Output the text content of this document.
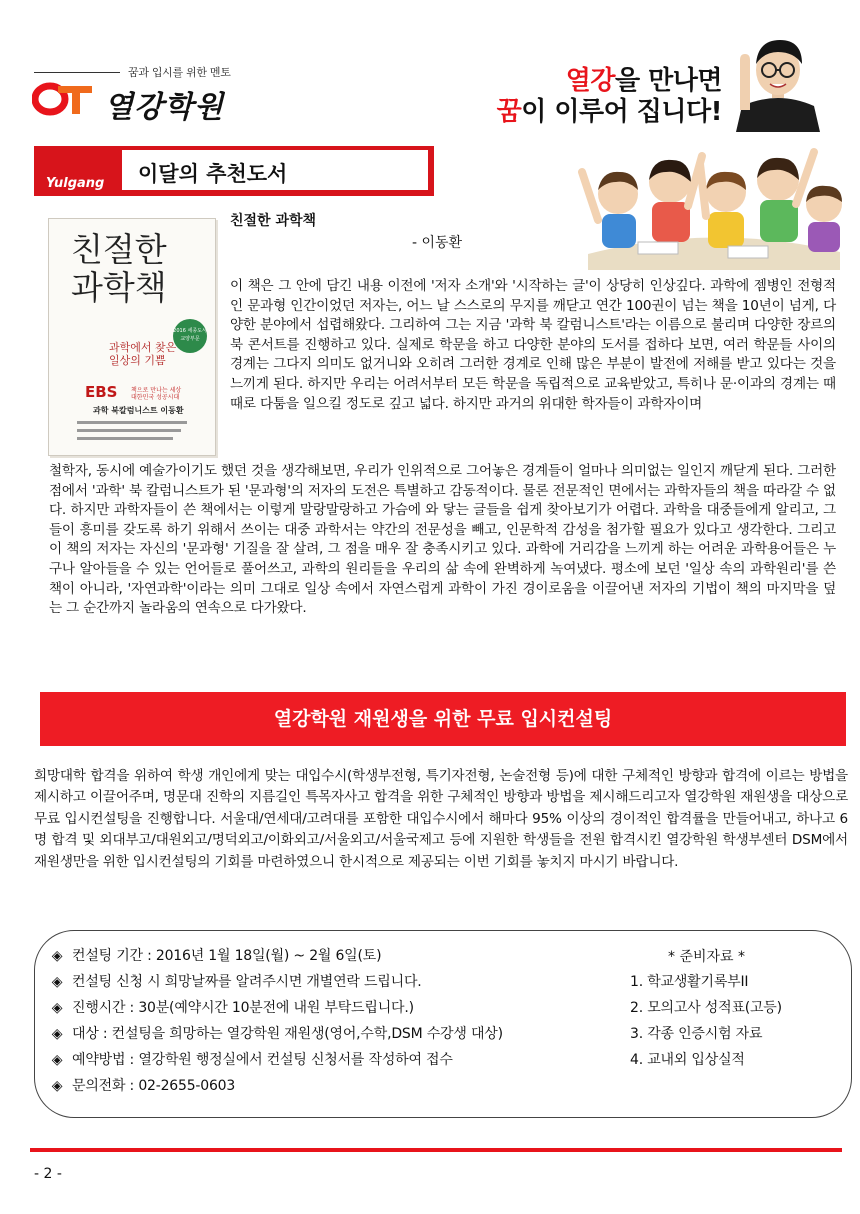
꿈과 입시를 위한 멘토
열강학원
열강을 만나면
꿈이 이루어 집니다!
Yulgang 이달의 추천도서
친절한
과학책
2016 세종도서 교양부문
과학에서 찾은
일상의 기쁨
EBS 책으로 만나는 세상
대한민국 성공시대
과학 북칼럼니스트 이동환
친절한 과학책
- 이동환
이 책은 그 안에 담긴 내용 이전에 '저자 소개'와 '시작하는 글'이 상당히 인상깊다. 과학에 젬병인 전형적인 문과형 인간이었던 저자는, 어느 날 스스로의 무지를 깨닫고 연간 100권이 넘는 책을 10년이 넘게, 다양한 분야에서 섭렵해왔다. 그리하여 그는 지금 '과학 북 칼럼니스트'라는 이름으로 불리며 다양한 장르의 북 콘서트를 진행하고 있다. 실제로 학문을 하고 다양한 분야의 도서를 접하다 보면, 여러 학문들 사이의 경계는 그다지 의미도 없거니와 오히려 그러한 경계로 인해 많은 부분이 발전에 저해를 받고 있다는 것을 느끼게 된다. 하지만 우리는 어려서부터 모든 학문을 독립적으로 교육받았고, 특히나 문·이과의 경계는 때때로 다툼을 일으킬 정도로 깊고 넓다. 하지만 과거의 위대한 학자들이 과학자이며
철학자, 동시에 예술가이기도 했던 것을 생각해보면, 우리가 인위적으로 그어놓은 경계들이 얼마나 의미없는 일인지 깨닫게 된다. 그러한 점에서 '과학' 북 칼럼니스트가 된 '문과형'의 저자의 도전은 특별하고 감동적이다. 물론 전문적인 면에서는 과학자들의 책을 따라갈 수 없다. 하지만 과학자들이 쓴 책에서는 이렇게 말랑말랑하고 가슴에 와 닿는 글들을 쉽게 찾아보기가 어렵다. 과학을 대중들에게 알리고, 그들이 흥미를 갖도록 하기 위해서 쓰이는 대중 과학서는 약간의 전문성을 빼고, 인문학적 감성을 첨가할 필요가 있다고 생각한다. 그리고 이 책의 저자는 자신의 '문과형' 기질을 잘 살려, 그 점을 매우 잘 충족시키고 있다. 과학에 거리감을 느끼게 하는 어려운 과학용어들은 누구나 알아들을 수 있는 언어들로 풀어쓰고, 과학의 원리들을 우리의 삶 속에 완벽하게 녹여냈다. 평소에 보던 '일상 속의 과학원리'를 쓴 책이 아니라, '자연과학'이라는 의미 그대로 일상 속에서 자연스럽게 과학이 가진 경이로움을 이끌어낸 저자의 기법이 책의 마지막을 덮는 그 순간까지 놀라움의 연속으로 다가왔다.
열강학원 재원생을 위한 무료 입시컨설팅
희망대학 합격을 위하여 학생 개인에게 맞는 대입수시(학생부전형, 특기자전형, 논술전형 등)에 대한 구체적인 방향과 합격에 이르는 방법을 제시하고 이끌어주며, 명문대 진학의 지름길인 특목자사고 합격을 위한 구체적인 방향과 방법을 제시해드리고자 열강학원 재원생을 대상으로 무료 입시컨설팅을 진행합니다. 서울대/연세대/고려대를 포함한 대입수시에서 해마다 95% 이상의 경이적인 합격률을 만들어내고, 하나고 6명 합격 및 외대부고/대원외고/명덕외고/이화외고/서울외고/서울국제고 등에 지원한 학생들을 전원 합격시킨 열강학원 학생부센터 DSM에서 재원생만을 위한 입시컨설팅의 기회를 마련하였으니 한시적으로 제공되는 이번 기회를 놓치지 마시기 바랍니다.
◈ 컨설팅 기간 : 2016년 1월 18일(월) ~ 2월 6일(토)
◈ 컨설팅 신청 시 희망날짜를 알려주시면 개별연락 드립니다.
◈ 진행시간 : 30분(예약시간 10분전에 내원 부탁드립니다.)
◈ 대상 : 컨설팅을 희망하는 열강학원 재원생(영어,수학,DSM 수강생 대상)
◈ 예약방법 : 열강학원 행정실에서 컨설팅 신청서를 작성하여 접수
◈ 문의전화 : 02-2655-0603
* 준비자료 *
1. 학교생활기록부II
2. 모의고사 성적표(고등)
3. 각종 인증시험 자료
4. 교내외 입상실적
- 2 -
